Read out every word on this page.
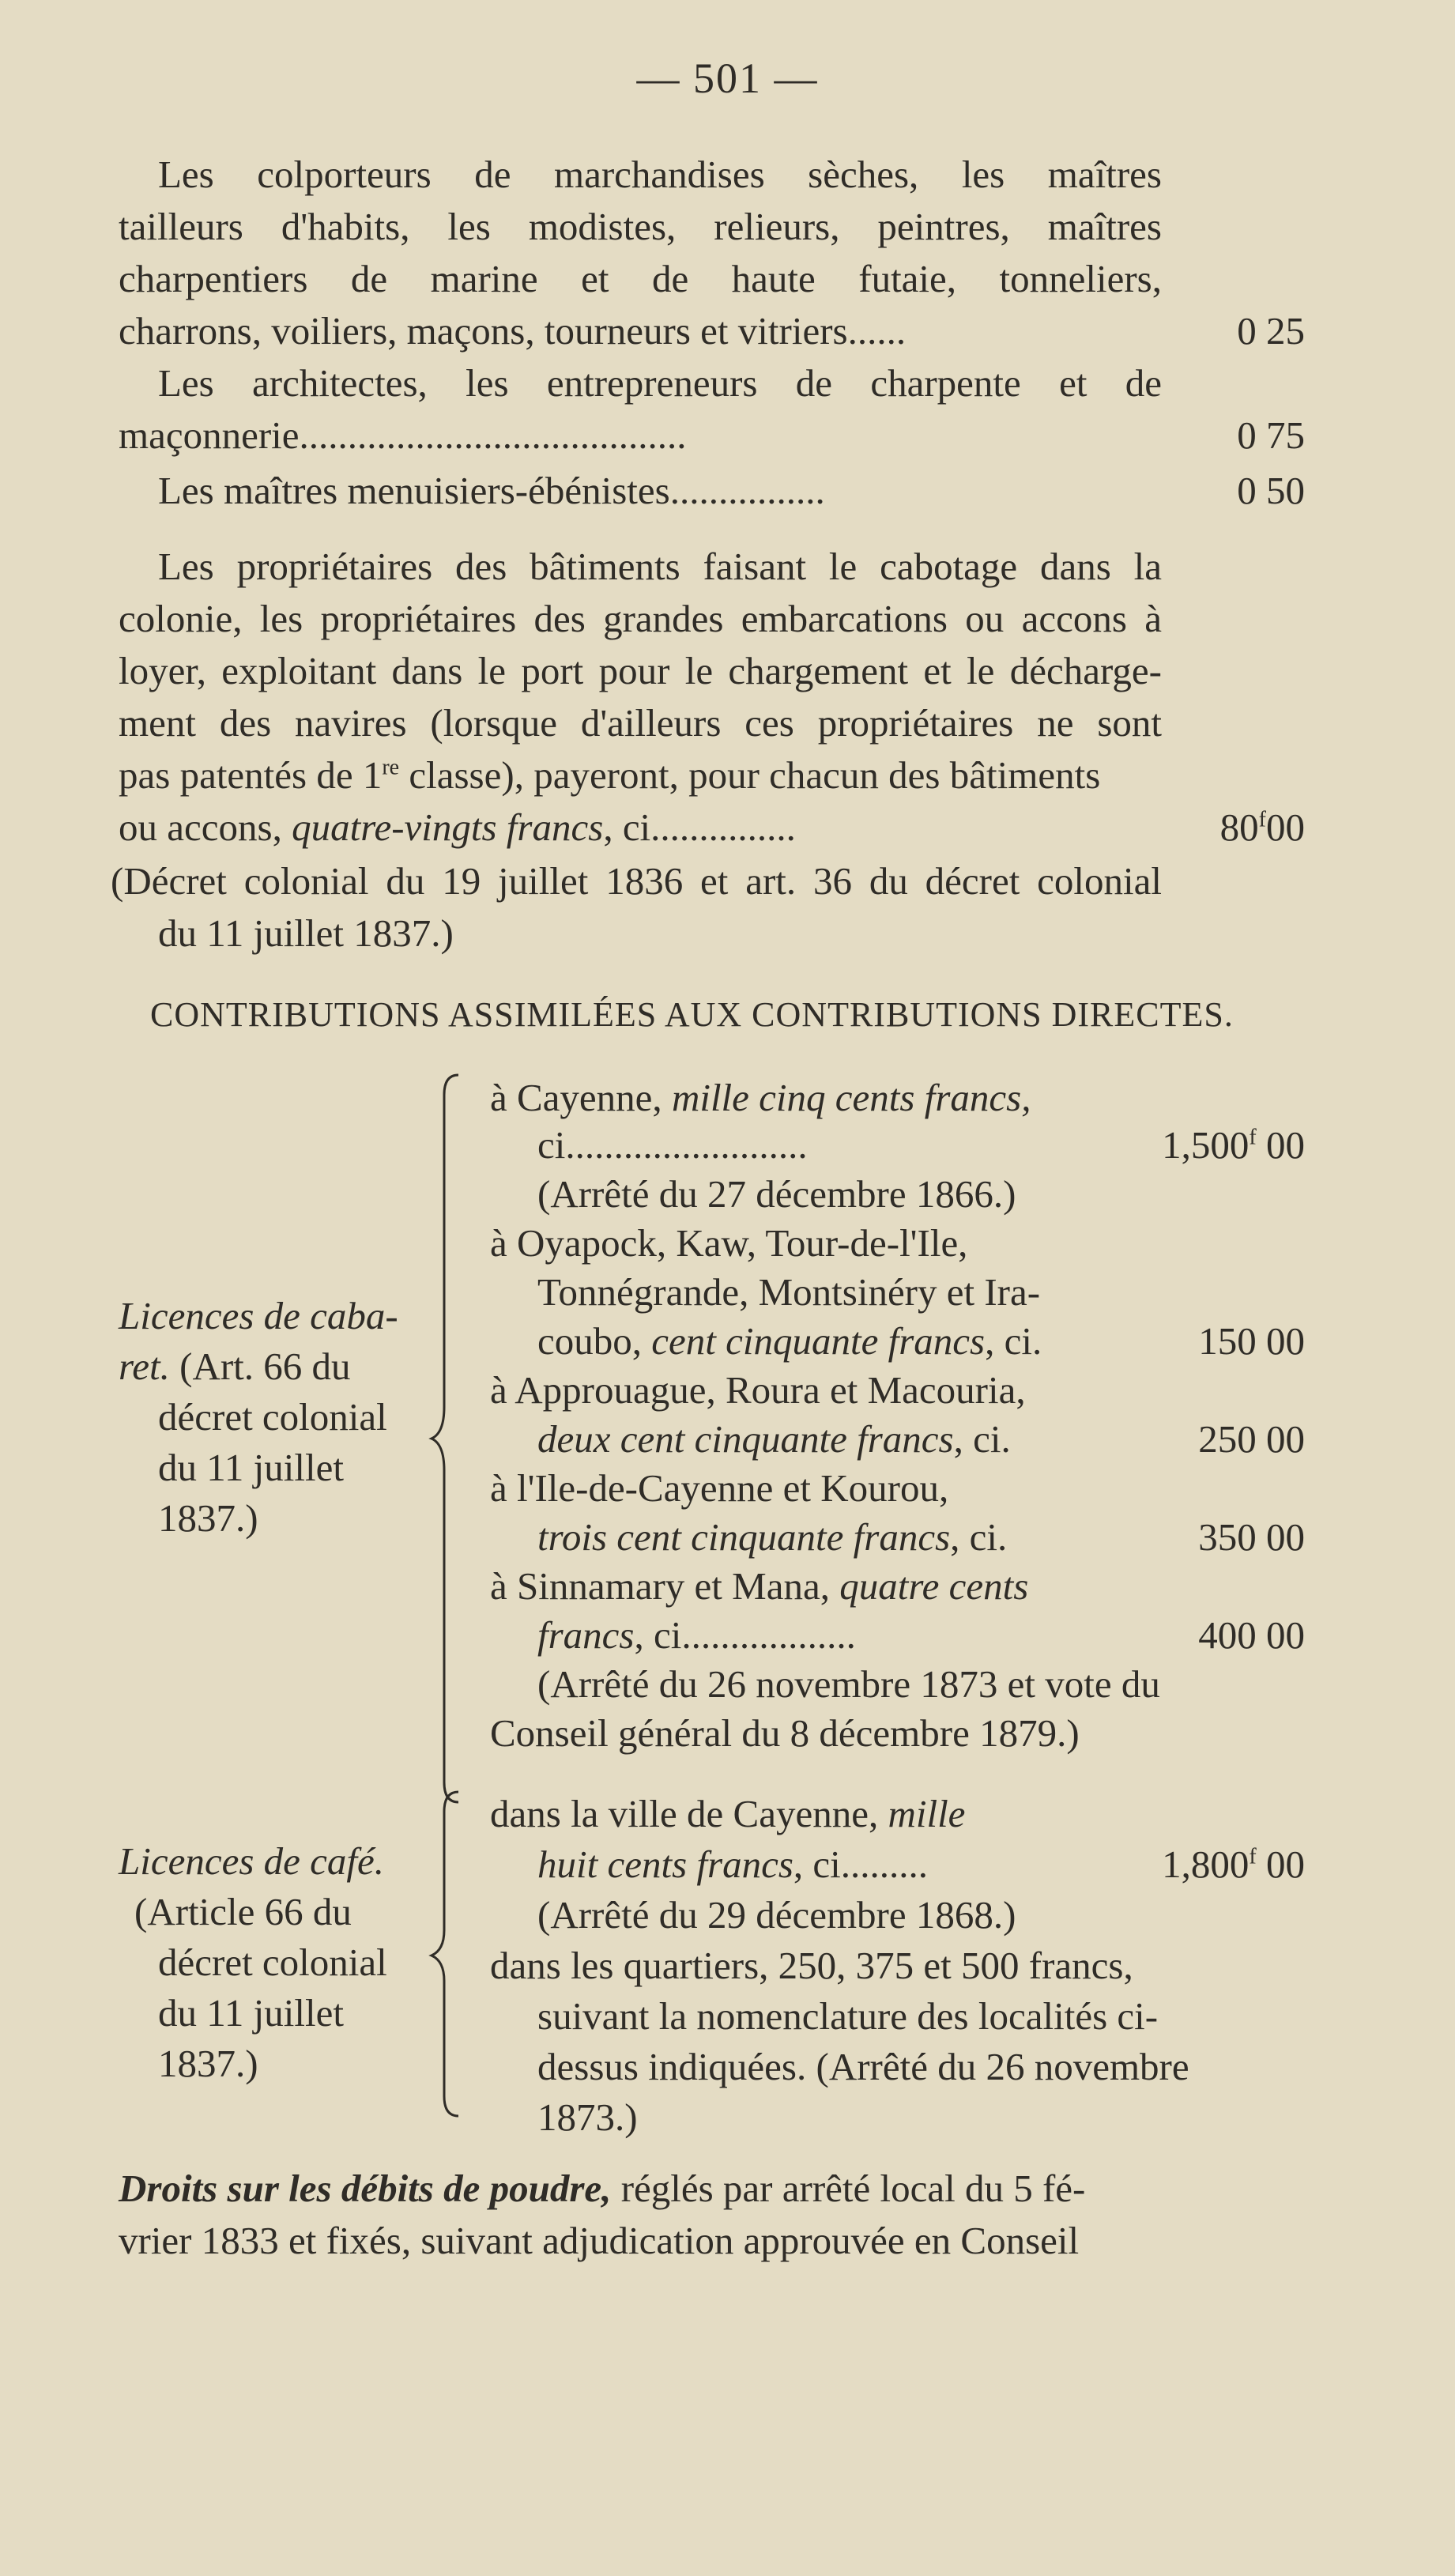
— 501 —
Les colporteurs de marchandises sèches, les maîtres
tailleurs d'habits, les modistes, relieurs, peintres, maîtres
charpentiers de marine et de haute futaie, tonneliers,
charrons, voiliers, maçons, tourneurs et vitriers......	0 25
Les architectes, les entrepreneurs de charpente et de
maçonnerie........................................	0 75
Les maîtres menuisiers-ébénistes................	0 50
Les propriétaires des bâtiments faisant le cabotage dans la
colonie, les propriétaires des grandes embarcations ou accons à
loyer, exploitant dans le port pour le chargement et le décharge-
ment des navires (lorsque d'ailleurs ces propriétaires ne sont
pas patentés de 1re classe), payeront, pour chacun des bâtiments
ou accons, quatre-vingts francs, ci...............	80$^f$00
(Décret colonial du 19 juillet 1836 et art. 36 du décret colonial
du 11 juillet 1837.)
CONTRIBUTIONS ASSIMILÉES AUX CONTRIBUTIONS DIRECTES.
Licences de caba-
ret. (Art. 66 du
décret colonial
du 11 juillet
1837.)
à Cayenne, mille cinq cents francs,
ci.........................	1,500$^f$ 00
(Arrêté du 27 décembre 1866.)
à Oyapock, Kaw, Tour-de-l'Ile,
Tonnégrande, Montsinéry et Ira-
coubo, cent cinquante francs, ci.	150 00
à Approuague, Roura et Macouria,
deux cent cinquante francs, ci.	250 00
à l'Ile-de-Cayenne et Kourou,
trois cent cinquante francs, ci.	350 00
à Sinnamary et Mana, quatre cents
francs, ci..................	400 00
(Arrêté du 26 novembre 1873 et vote du
Conseil général du 8 décembre 1879.)
Licences de café.
(Article 66 du
décret colonial
du 11 juillet
1837.)
dans la ville de Cayenne, mille
huit cents francs, ci.........	1,800$^f$ 00
(Arrêté du 29 décembre 1868.)
dans les quartiers, 250, 375 et 500 francs,
suivant la nomenclature des localités ci-
dessus indiquées. (Arrêté du 26 novembre
1873.)
Droits sur les débits de poudre, réglés par arrêté local du 5 fé-
vrier 1833 et fixés, suivant adjudication approuvée en Conseil
